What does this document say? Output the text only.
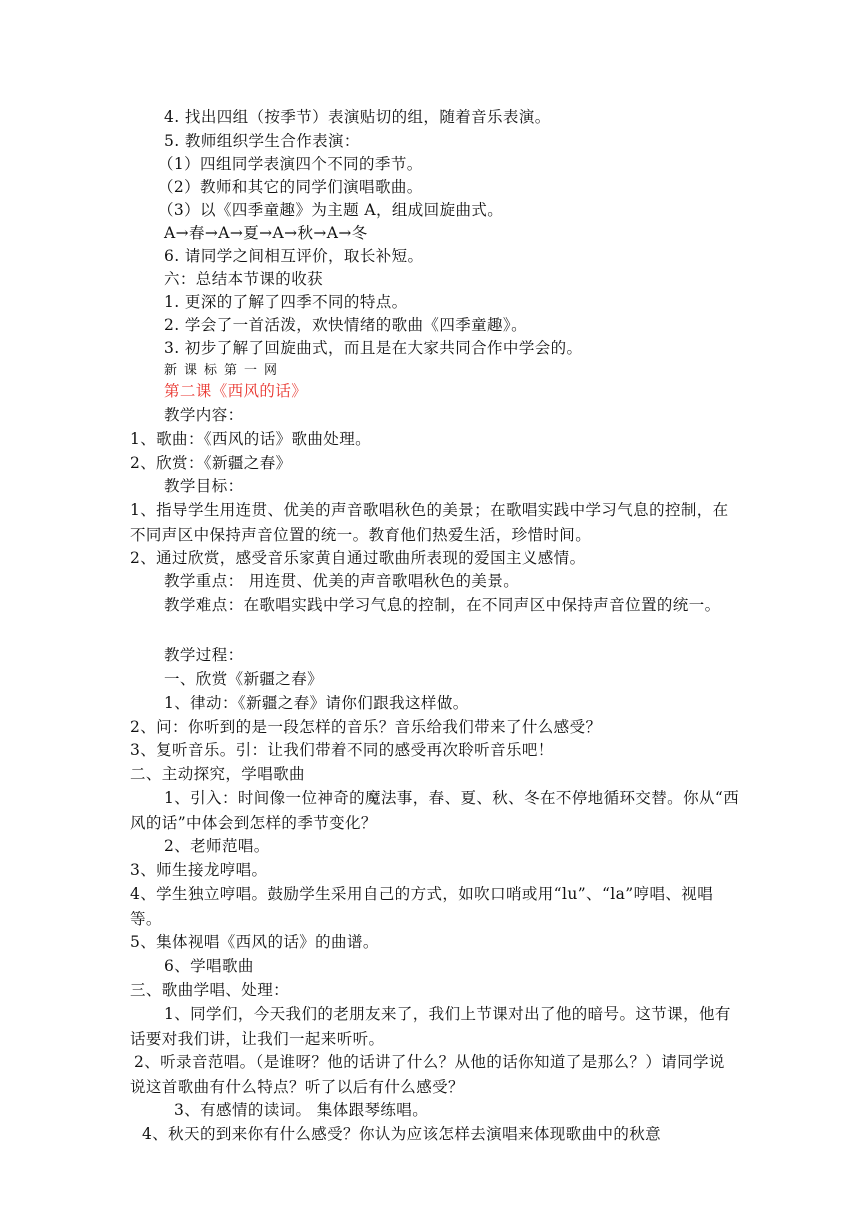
4. 找出四组（按季节）表演贴切的组，随着音乐表演。
5. 教师组织学生合作表演：
（1）四组同学表演四个不同的季节。
（2）教师和其它的同学们演唱歌曲。
（3）以《四季童趣》为主题 A，组成回旋曲式。
A→春→A→夏→A→秋→A→冬
6. 请同学之间相互评价，取长补短。
六：总结本节课的收获
1. 更深的了解了四季不同的特点。
2. 学会了一首活泼，欢快情绪的歌曲《四季童趣》。
3. 初步了解了回旋曲式，而且是在大家共同合作中学会的。
新课标第一网
第二课《西风的话》
教学内容：
1、歌曲：《西风的话》歌曲处理。
2、欣赏：《新疆之春》
教学目标：
1、指导学生用连贯、优美的声音歌唱秋色的美景；在歌唱实践中学习气息的控制，在不同声区中保持声音位置的统一。教育他们热爱生活，珍惜时间。
2、通过欣赏，感受音乐家黄自通过歌曲所表现的爱国主义感情。
教学重点： 用连贯、优美的声音歌唱秋色的美景。
教学难点：在歌唱实践中学习气息的控制，在不同声区中保持声音位置的统一。
教学过程：
一、欣赏《新疆之春》
1、律动：《新疆之春》请你们跟我这样做。
2、问：你听到的是一段怎样的音乐？音乐给我们带来了什么感受？
3、复听音乐。引：让我们带着不同的感受再次聆听音乐吧！
二、主动探究，学唱歌曲
1、引入：时间像一位神奇的魔法事，春、夏、秋、冬在不停地循环交替。你从“西风的话”中体会到怎样的季节变化？
2、老师范唱。
3、师生接龙哼唱。
4、学生独立哼唱。鼓励学生采用自己的方式，如吹口哨或用“lu”、“la”哼唱、视唱等。
5、集体视唱《西风的话》的曲谱。
6、学唱歌曲
三、歌曲学唱、处理：
1、同学们，今天我们的老朋友来了，我们上节课对出了他的暗号。这节课，他有话要对我们讲，让我们一起来听听。
2、听录音范唱。（是谁呀？他的话讲了什么？从他的话你知道了是那么？）请同学说说这首歌曲有什么特点？听了以后有什么感受？
3、有感情的读词。 集体跟琴练唱。
4、秋天的到来你有什么感受？你认为应该怎样去演唱来体现歌曲中的秋意
